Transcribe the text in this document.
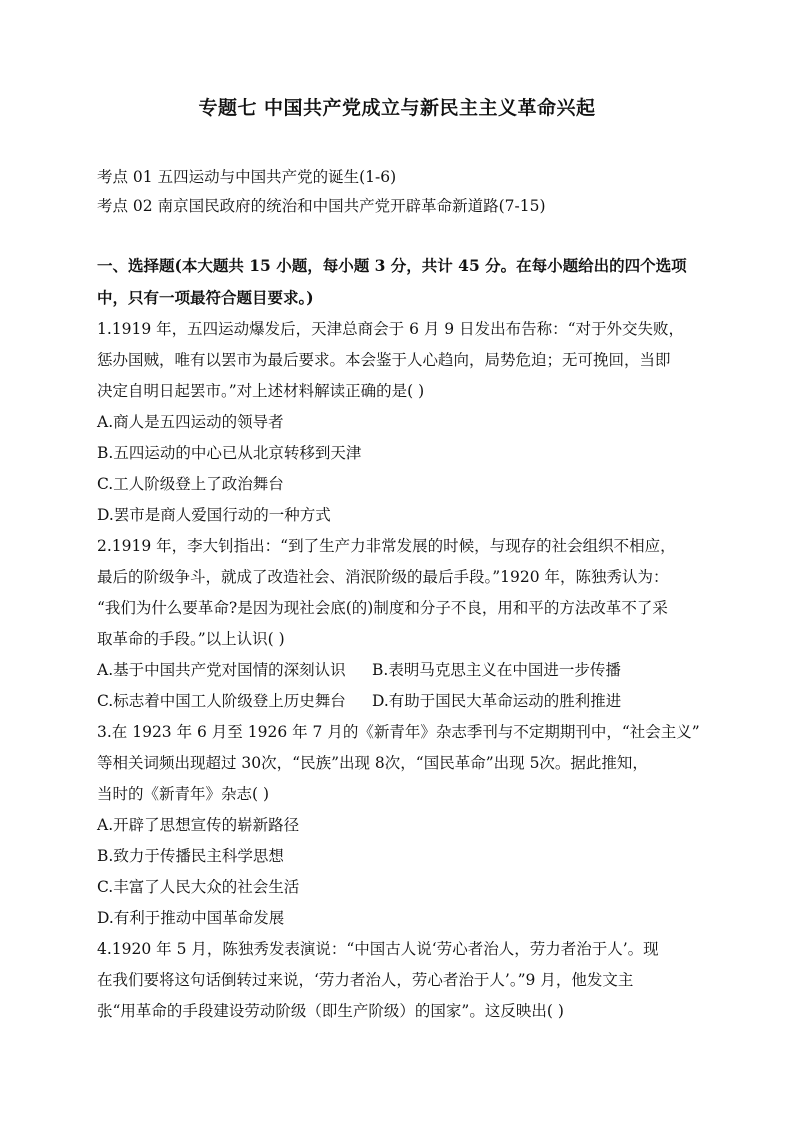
专题七 中国共产党成立与新民主主义革命兴起
考点 01 五四运动与中国共产党的诞生(1-6)
考点 02 南京国民政府的统治和中国共产党开辟革命新道路(7-15)
一、选择题(本大题共 15 小题，每小题 3 分，共计 45 分。在每小题给出的四个选项
中，只有一项最符合题目要求。)
1.1919 年，五四运动爆发后，天津总商会于 6 月 9 日发出布告称：“对于外交失败，
惩办国贼，唯有以罢市为最后要求。本会鉴于人心趋向，局势危迫；无可挽回，当即
决定自明日起罢市。”对上述材料解读正确的是( )
A.商人是五四运动的领导者
B.五四运动的中心已从北京转移到天津
C.工人阶级登上了政治舞台
D.罢市是商人爱国行动的一种方式
2.1919 年，李大钊指出：“到了生产力非常发展的时候，与现存的社会组织不相应，
最后的阶级争斗，就成了改造社会、消泯阶级的最后手段。”1920 年，陈独秀认为：
“我们为什么要革命?是因为现社会底(的)制度和分子不良，用和平的方法改革不了采
取革命的手段。”以上认识( )
A.基于中国共产党对国情的深刻认识 B.表明马克思主义在中国进一步传播
C.标志着中国工人阶级登上历史舞台 D.有助于国民大革命运动的胜利推进
3.在 1923 年 6 月至 1926 年 7 月的《新青年》杂志季刊与不定期期刊中，“社会主义”
等相关词频出现超过 30次，“民族”出现 8次，“国民革命”出现 5次。据此推知，
当时的《新青年》杂志( )
A.开辟了思想宣传的崭新路径
B.致力于传播民主科学思想
C.丰富了人民大众的社会生活
D.有利于推动中国革命发展
4.1920 年 5 月，陈独秀发表演说：“中国古人说‘劳心者治人，劳力者治于人’。现
在我们要将这句话倒转过来说，‘劳力者治人，劳心者治于人’。”9 月，他发文主
张“用革命的手段建设劳动阶级（即生产阶级）的国家”。这反映出( )
